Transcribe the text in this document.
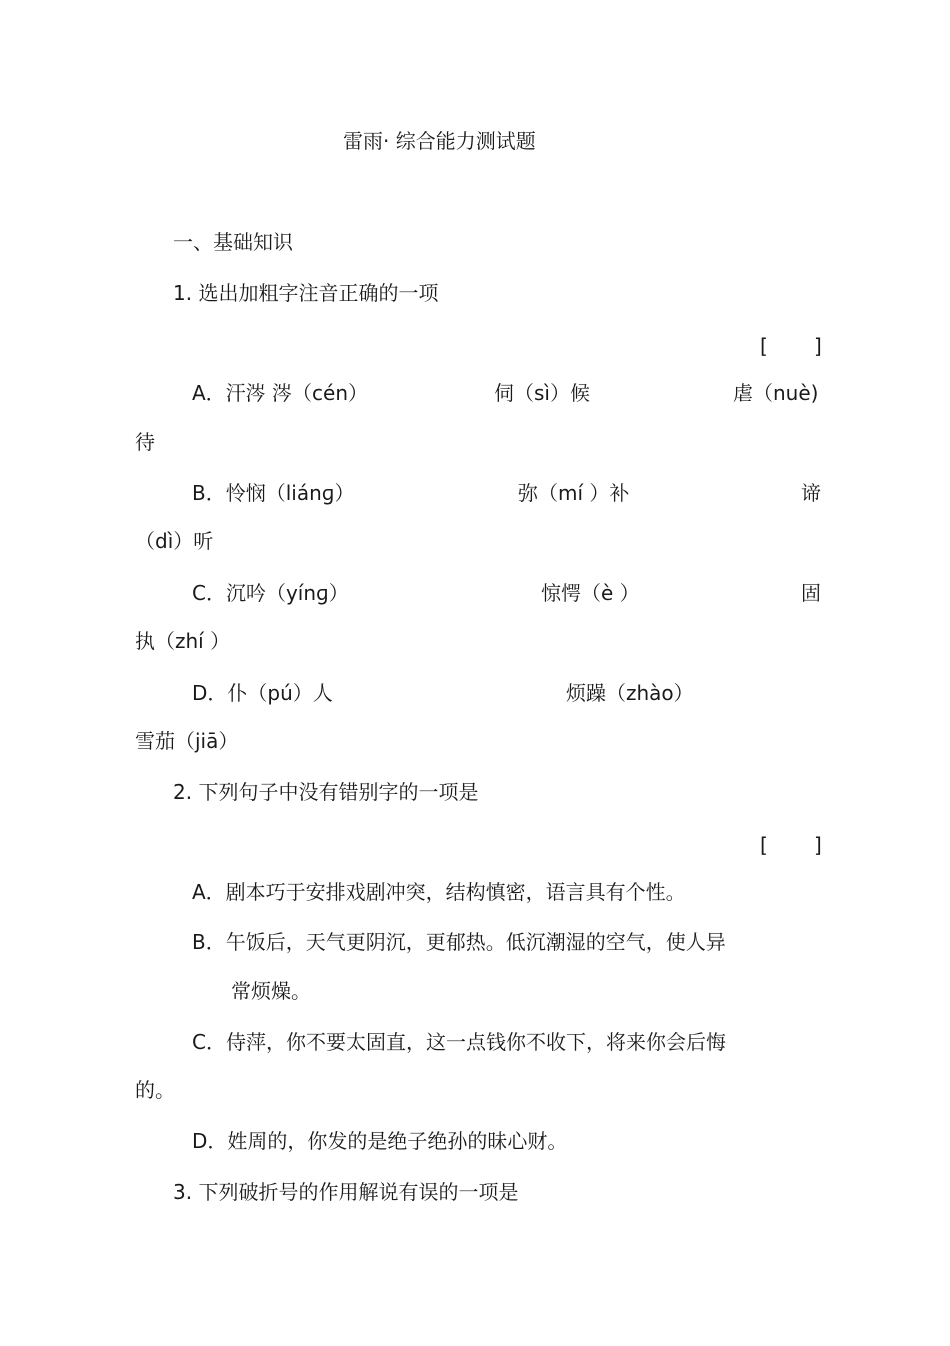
雷雨· 综合能力测试题
一、基础知识
1. 选出加粗字注音正确的一项
[ ]
A．汗涔 涔（cén）	伺（sì）候	虐（nuè)
待
B．怜悯（liánɡ）	弥（mí ）补	谛
（dì）听
C．沉吟（yínɡ）	惊愕（è ）	固
执（zhí ）
D．仆（pú）人	烦躁（zhào）
雪茄（jiā）
2. 下列句子中没有错别字的一项是
[ ]
A．剧本巧于安排戏剧冲突，结构慎密，语言具有个性。
B．午饭后，天气更阴沉，更郁热。低沉潮湿的空气，使人异
常烦燥。
C．侍萍，你不要太固直，这一点钱你不收下，将来你会后悔
的。
D．姓周的，你发的是绝子绝孙的昧心财。
3. 下列破折号的作用解说有误的一项是
